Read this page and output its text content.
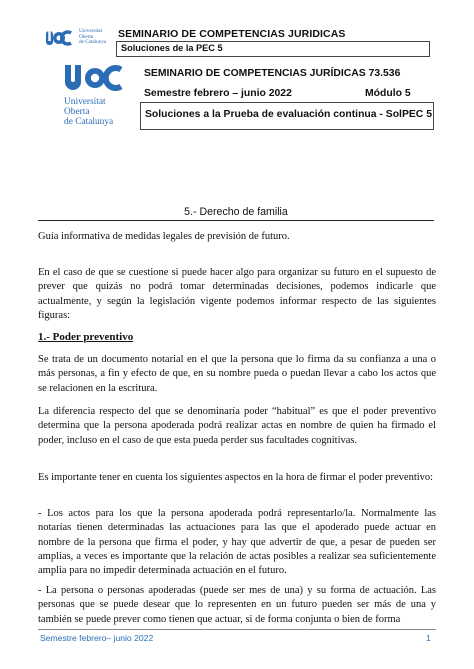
Universitat
Oberta
de Catalunya
SEMINARIO DE COMPETENCIAS JURIDICAS
Soluciones de la PEC 5
Universitat
Oberta
de Catalunya
SEMINARIO DE COMPETENCIAS JURÍDICAS 73.536
Semestre febrero – junio 2022	Módulo 5
Soluciones a la Prueba de evaluación continua - SolPEC 5
5.- Derecho de familia
Guía informativa de medidas legales de previsión de futuro.
En el caso de que se cuestione si puede hacer algo para organizar su futuro en el supuesto de prever que quizás no podrá tomar determinadas decisiones, podemos indicarle que actualmente, y según la legislación vigente podemos informar respecto de las siguientes figuras:
1.- Poder preventivo
Se trata de un documento notarial en el que la persona que lo firma da su confianza a una o más personas, a fin y efecto de que, en su nombre pueda o puedan llevar a cabo los actos que se relacionen en la escritura.
La diferencia respecto del que se denominaría poder “habitual” es que el poder preventivo determina que la persona apoderada podrá realizar actas en nombre de quien ha firmado el poder, incluso en el caso de que esta pueda perder sus facultades cognitivas.
Es importante tener en cuenta los siguientes aspectos en la hora de firmar el poder preventivo:
- Los actos para los que la persona apoderada podrá representarlo/la. Normalmente las notarías tienen determinadas las actuaciones para las que el apoderado puede actuar en nombre de la persona que firma el poder, y hay que advertir de que, a pesar de pueden ser amplias, a veces es importante que la relación de actas posibles a realizar sea suficientemente amplia para no impedir determinada actuación en el futuro.
- La persona o personas apoderadas (puede ser mes de una) y su forma de actuación. Las personas que se puede desear que lo representen en un futuro pueden ser más de una y también se puede prever como tienen que actuar, si de forma conjunta o bien de forma
Semestre febrero– junio 2022	1
